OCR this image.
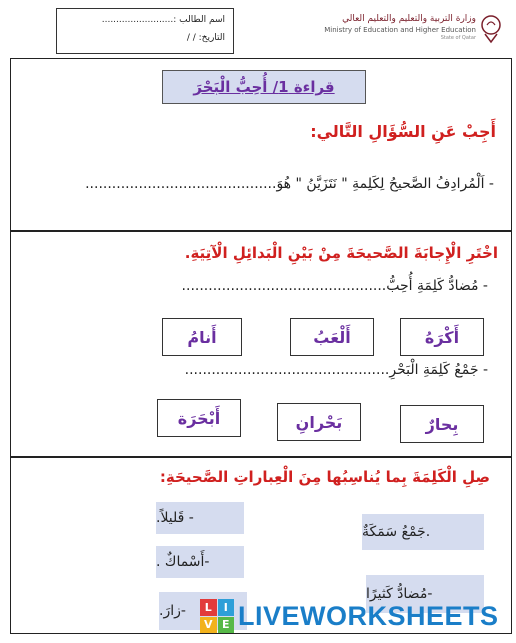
اسم الطالب :.........................
التاريخ: / /
وزارة التربية والتعليم والتعليم العالي
Ministry of Education and Higher Education
State of Qatar
قراءة 1/ أُحِبُّ الْبَحْرَ
أَجِبْ عَنِ السُّؤَالِ التَّالي:
- اَلْمُرادِفُ الصَّحيحُ لِكَلِمةِ " نَتَزَيَّنُ " هُوَ...........................................
اخْتَرِ الْإِجابَةَ الصَّحيحَةَ مِنْ بَيْنِ الْبَدائِلِ الْآتِيَةِ.
- مُضادُّ كَلِمَةِ أُحِبُّ..............................................
أَكْرَهُ
أَلْعَبُ
أَنامُ
- جَمْعُ كَلِمَةِ الْبَحْرِ..............................................
بِحارٌ
بَحْرانِ
أَبْحَرَة
صِلِ الْكَلِمَةَ بِما يُناسِبُها مِنَ الْعِباراتِ الصَّحيحَةِ:
- قَليلاً.
-أَسْماكٌ .
-زارَ.
.جَمْعُ سَمَكَةٌ
-مُضادُّ كَثيرًا
L	I
V E LIVEWORKSHEETS
